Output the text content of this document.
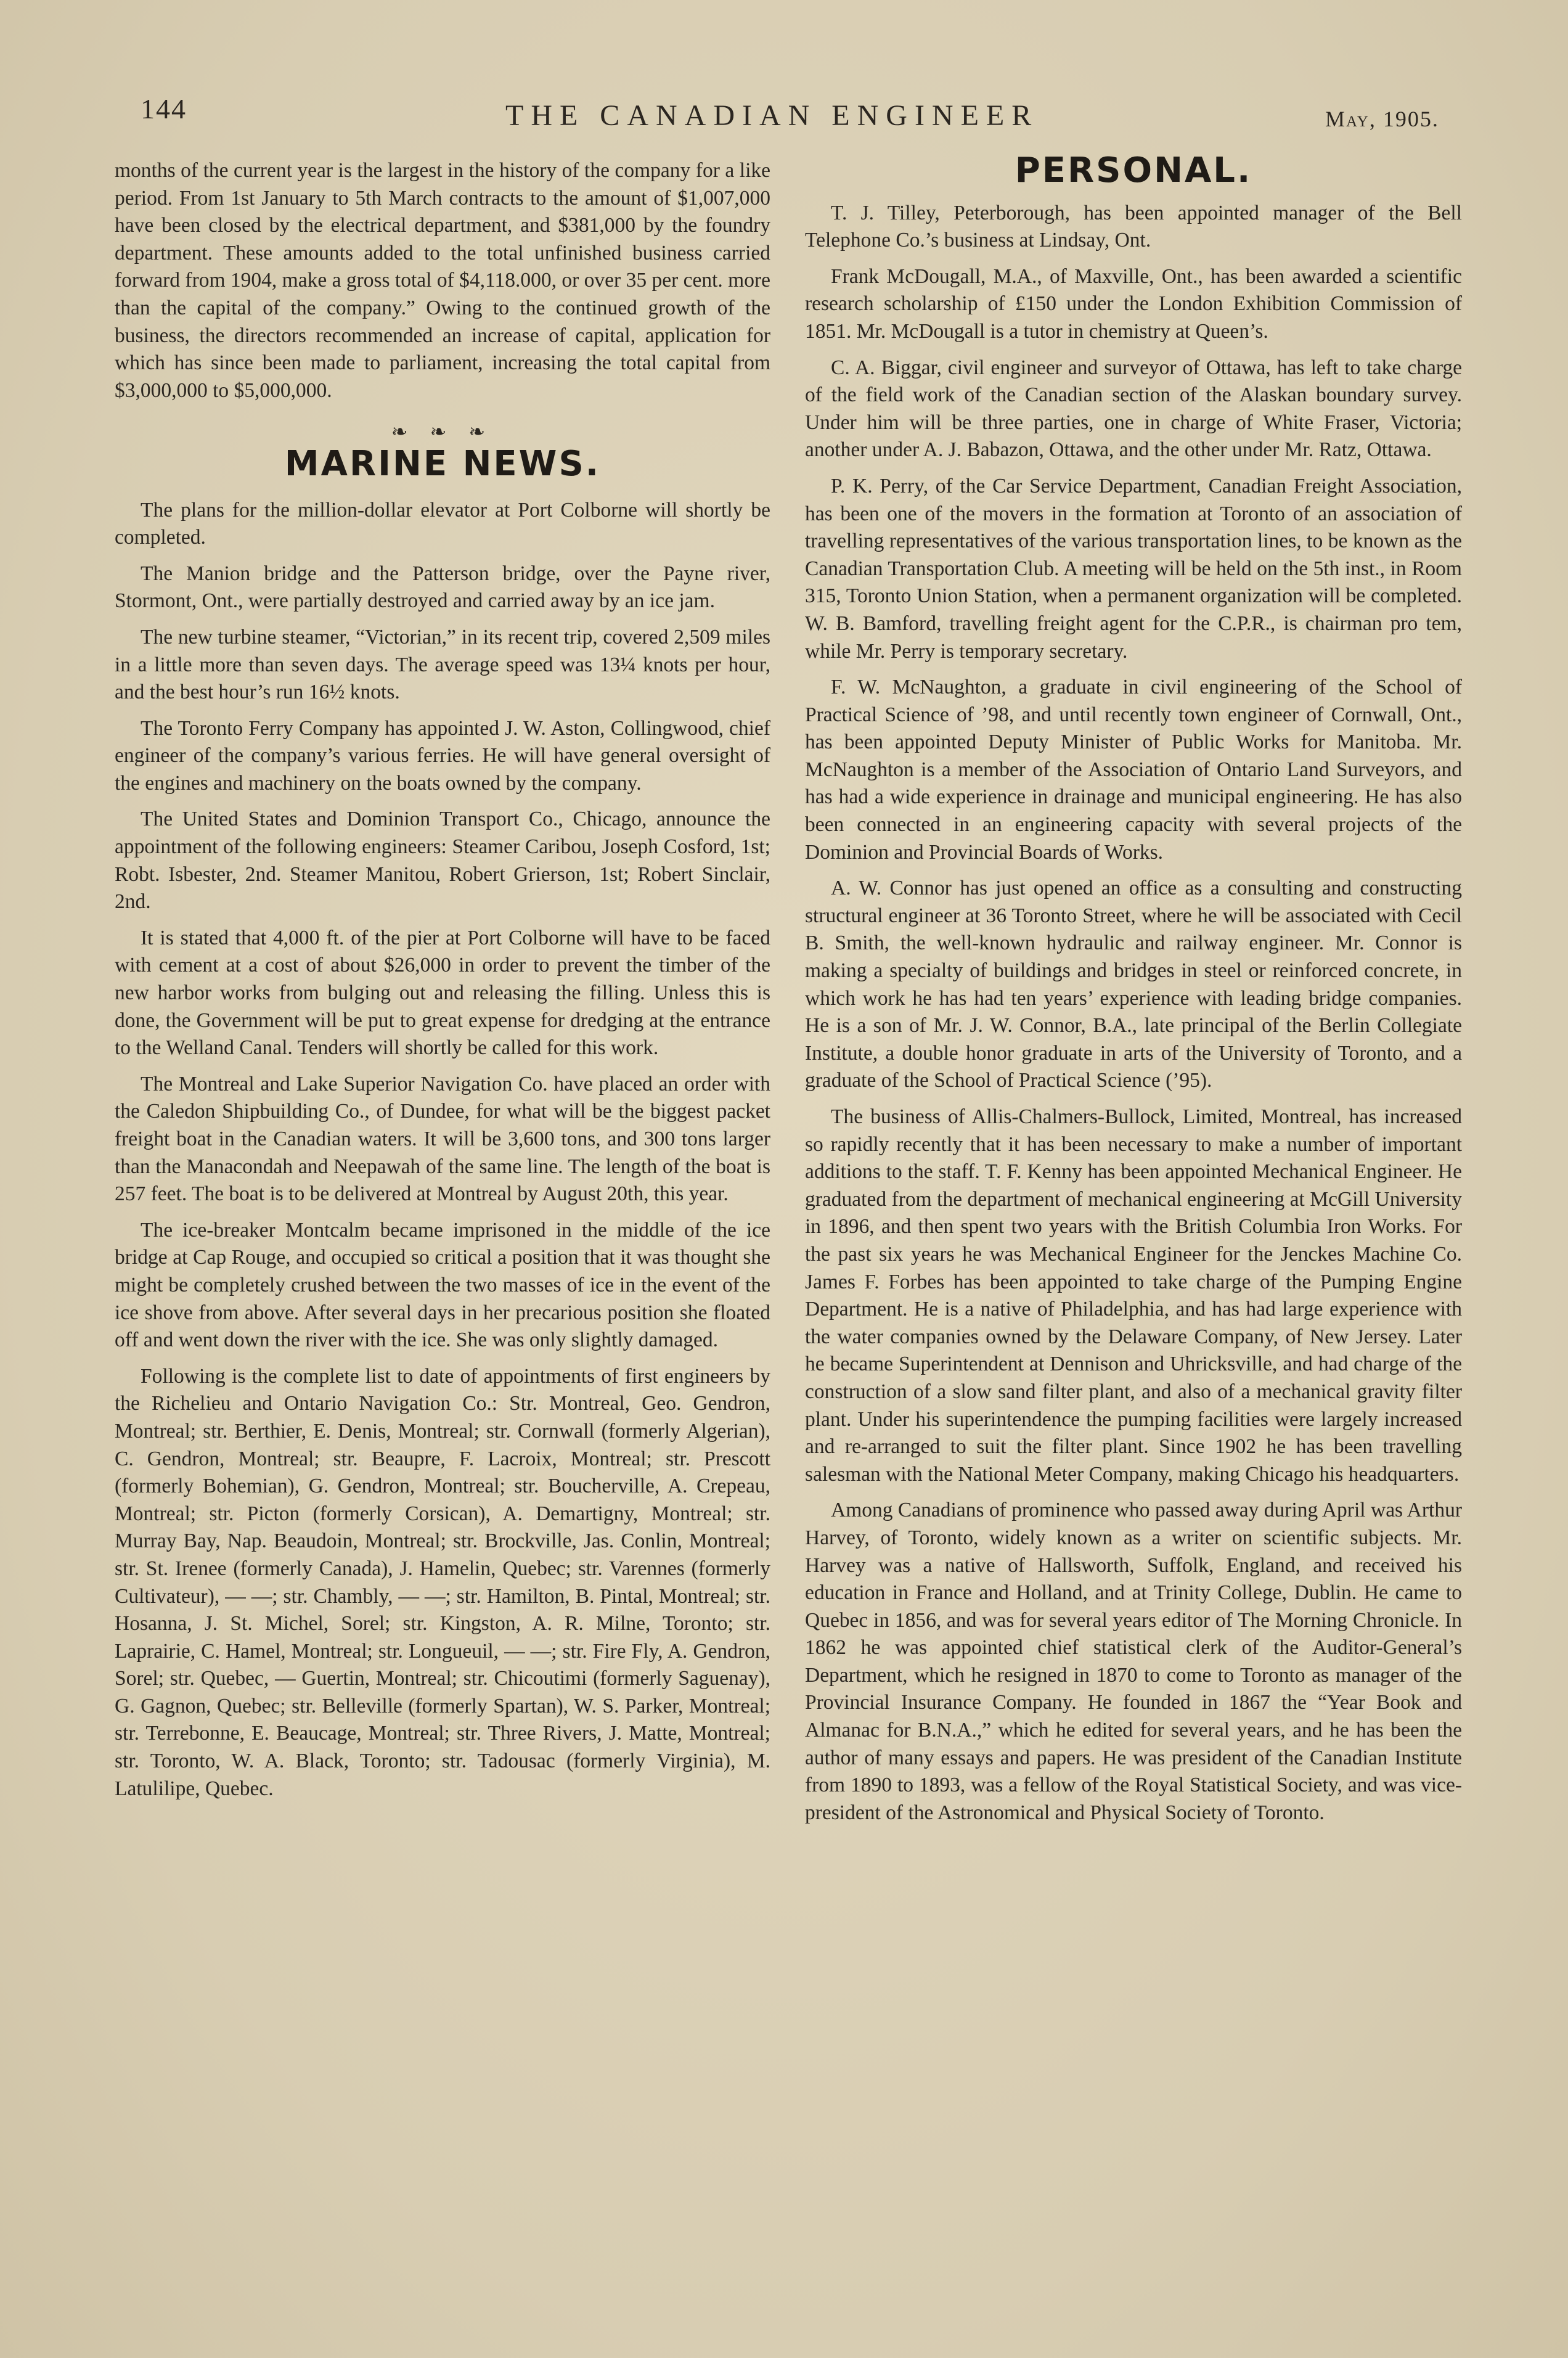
144	THE CANADIAN ENGINEER	May, 1905.

months of the current year is the largest in the history of the company for a like period. From 1st January to 5th March contracts to the amount of $1,007,000 have been closed by the electrical department, and $381,000 by the foundry department. These amounts added to the total unfinished business carried forward from 1904, make a gross total of $4,118.000, or over 35 per cent. more than the capital of the company.” Owing to the continued growth of the business, the directors recommended an increase of capital, application for which has since been made to parliament, increasing the total capital from $3,000,000 to $5,000,000.

❧ ❧ ❧
MARINE NEWS.

The plans for the million-dollar elevator at Port Colborne will shortly be completed.

The Manion bridge and the Patterson bridge, over the Payne river, Stormont, Ont., were partially destroyed and carried away by an ice jam.

The new turbine steamer, “Victorian,” in its recent trip, covered 2,509 miles in a little more than seven days. The average speed was 13¼ knots per hour, and the best hour’s run 16½ knots.

The Toronto Ferry Company has appointed J. W. Aston, Collingwood, chief engineer of the company’s various ferries. He will have general oversight of the engines and machinery on the boats owned by the company.

The United States and Dominion Transport Co., Chicago, announce the appointment of the following engineers: Steamer Caribou, Joseph Cosford, 1st; Robt. Isbester, 2nd. Steamer Manitou, Robert Grierson, 1st; Robert Sinclair, 2nd.

It is stated that 4,000 ft. of the pier at Port Colborne will have to be faced with cement at a cost of about $26,000 in order to prevent the timber of the new harbor works from bulging out and releasing the filling. Unless this is done, the Government will be put to great expense for dredging at the entrance to the Welland Canal. Tenders will shortly be called for this work.

The Montreal and Lake Superior Navigation Co. have placed an order with the Caledon Shipbuilding Co., of Dundee, for what will be the biggest packet freight boat in the Canadian waters. It will be 3,600 tons, and 300 tons larger than the Manacondah and Neepawah of the same line. The length of the boat is 257 feet. The boat is to be delivered at Montreal by August 20th, this year.

The ice-breaker Montcalm became imprisoned in the middle of the ice bridge at Cap Rouge, and occupied so critical a position that it was thought she might be completely crushed between the two masses of ice in the event of the ice shove from above. After several days in her precarious position she floated off and went down the river with the ice. She was only slightly damaged.

Following is the complete list to date of appointments of first engineers by the Richelieu and Ontario Navigation Co.: Str. Montreal, Geo. Gendron, Montreal; str. Berthier, E. Denis, Montreal; str. Cornwall (formerly Algerian), C. Gendron, Montreal; str. Beaupre, F. Lacroix, Montreal; str. Prescott (formerly Bohemian), G. Gendron, Montreal; str. Boucherville, A. Crepeau, Montreal; str. Picton (formerly Corsican), A. Demartigny, Montreal; str. Murray Bay, Nap. Beaudoin, Montreal; str. Brockville, Jas. Conlin, Montreal; str. St. Irenee (formerly Canada), J. Hamelin, Quebec; str. Varennes (formerly Cultivateur), — —; str. Chambly, — —; str. Hamilton, B. Pintal, Montreal; str. Hosanna, J. St. Michel, Sorel; str. Kingston, A. R. Milne, Toronto; str. Laprairie, C. Hamel, Montreal; str. Longueuil, — —; str. Fire Fly, A. Gendron, Sorel; str. Quebec, — Guertin, Montreal; str. Chicoutimi (formerly Saguenay), G. Gagnon, Quebec; str. Belleville (formerly Spartan), W. S. Parker, Montreal; str. Terrebonne, E. Beaucage, Montreal; str. Three Rivers, J. Matte, Montreal; str. Toronto, W. A. Black, Toronto; str. Tadousac (formerly Virginia), M. Latulilipe, Quebec.

PERSONAL.

T. J. Tilley, Peterborough, has been appointed manager of the Bell Telephone Co.’s business at Lindsay, Ont.

Frank McDougall, M.A., of Maxville, Ont., has been awarded a scientific research scholarship of £150 under the London Exhibition Commission of 1851. Mr. McDougall is a tutor in chemistry at Queen’s.

C. A. Biggar, civil engineer and surveyor of Ottawa, has left to take charge of the field work of the Canadian section of the Alaskan boundary survey. Under him will be three parties, one in charge of White Fraser, Victoria; another under A. J. Babazon, Ottawa, and the other under Mr. Ratz, Ottawa.

P. K. Perry, of the Car Service Department, Canadian Freight Association, has been one of the movers in the formation at Toronto of an association of travelling representatives of the various transportation lines, to be known as the Canadian Transportation Club. A meeting will be held on the 5th inst., in Room 315, Toronto Union Station, when a permanent organization will be completed. W. B. Bamford, travelling freight agent for the C.P.R., is chairman pro tem, while Mr. Perry is temporary secretary.

F. W. McNaughton, a graduate in civil engineering of the School of Practical Science of ’98, and until recently town engineer of Cornwall, Ont., has been appointed Deputy Minister of Public Works for Manitoba. Mr. McNaughton is a member of the Association of Ontario Land Surveyors, and has had a wide experience in drainage and municipal engineering. He has also been connected in an engineering capacity with several projects of the Dominion and Provincial Boards of Works.

A. W. Connor has just opened an office as a consulting and constructing structural engineer at 36 Toronto Street, where he will be associated with Cecil B. Smith, the well-known hydraulic and railway engineer. Mr. Connor is making a specialty of buildings and bridges in steel or reinforced concrete, in which work he has had ten years’ experience with leading bridge companies. He is a son of Mr. J. W. Connor, B.A., late principal of the Berlin Collegiate Institute, a double honor graduate in arts of the University of Toronto, and a graduate of the School of Practical Science (’95).

The business of Allis-Chalmers-Bullock, Limited, Montreal, has increased so rapidly recently that it has been necessary to make a number of important additions to the staff. T. F. Kenny has been appointed Mechanical Engineer. He graduated from the department of mechanical engineering at McGill University in 1896, and then spent two years with the British Columbia Iron Works. For the past six years he was Mechanical Engineer for the Jenckes Machine Co. James F. Forbes has been appointed to take charge of the Pumping Engine Department. He is a native of Philadelphia, and has had large experience with the water companies owned by the Delaware Company, of New Jersey. Later he became Superintendent at Dennison and Uhricksville, and had charge of the construction of a slow sand filter plant, and also of a mechanical gravity filter plant. Under his superintendence the pumping facilities were largely increased and re-arranged to suit the filter plant. Since 1902 he has been travelling salesman with the National Meter Company, making Chicago his headquarters.

Among Canadians of prominence who passed away during April was Arthur Harvey, of Toronto, widely known as a writer on scientific subjects. Mr. Harvey was a native of Hallsworth, Suffolk, England, and received his education in France and Holland, and at Trinity College, Dublin. He came to Quebec in 1856, and was for several years editor of The Morning Chronicle. In 1862 he was appointed chief statistical clerk of the Auditor-General’s Department, which he resigned in 1870 to come to Toronto as manager of the Provincial Insurance Company. He founded in 1867 the “Year Book and Almanac for B.N.A.,” which he edited for several years, and he has been the author of many essays and papers. He was president of the Canadian Institute from 1890 to 1893, was a fellow of the Royal Statistical Society, and was vice-president of the Astronomical and Physical Society of Toronto.
